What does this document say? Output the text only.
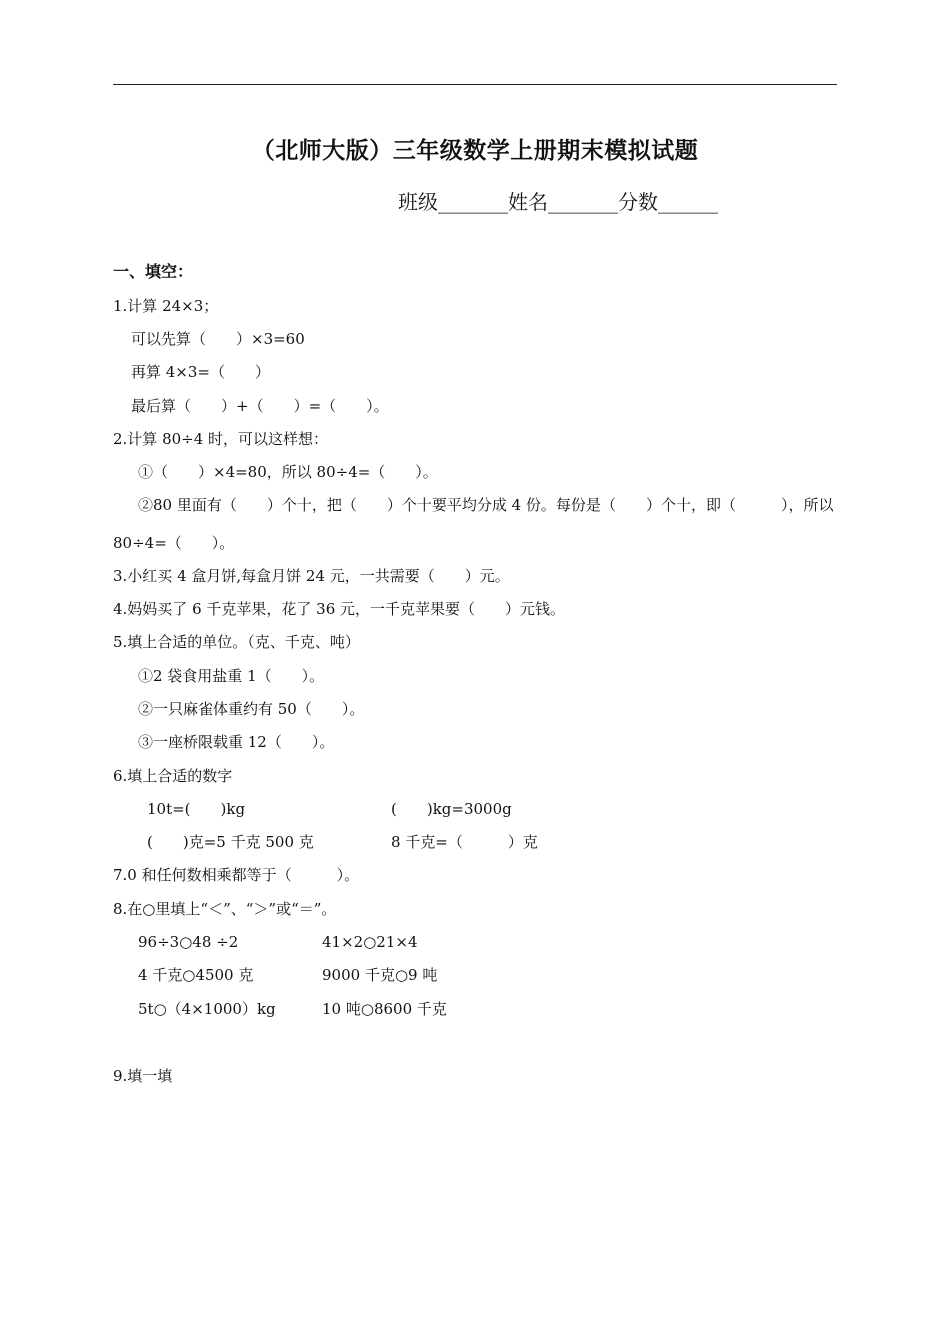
（北师大版）三年级数学上册期末模拟试题
班级_______姓名_______分数______
一、填空：
1.计算 24×3；
可以先算（　　）×3=60
再算 4×3=（　　）
最后算（　　）+（　　）=（　　）。
2.计算 80÷4 时，可以这样想：
①（　　）×4=80，所以 80÷4=（　　）。
②80 里面有（　　）个十，把（　　）个十要平均分成 4 份。每份是（　　）个十，即（　　　），所以
80÷4=（　　）。
3.小红买 4 盒月饼,每盒月饼 24 元，一共需要（　　）元。
4.妈妈买了 6 千克苹果，花了 36 元，一千克苹果要（　　）元钱。
5.填上合适的单位。（克、千克、吨）
①2 袋食用盐重 1（　　）。
②一只麻雀体重约有 50（　　）。
③一座桥限载重 12（　　）。
6.填上合适的数字
10t=(　　)kg	(　　)kg=3000g
(　　)克=5 千克 500 克	8 千克=（　　　）克
7.0 和任何数相乘都等于（　　　）。
8.在○里填上“＜”、“＞”或“＝”。
96÷3○48 ÷2	41×2○21×4
4 千克○4500 克	9000 千克○9 吨
5t○（4×1000）kg	10 吨○8600 千克
9.填一填
